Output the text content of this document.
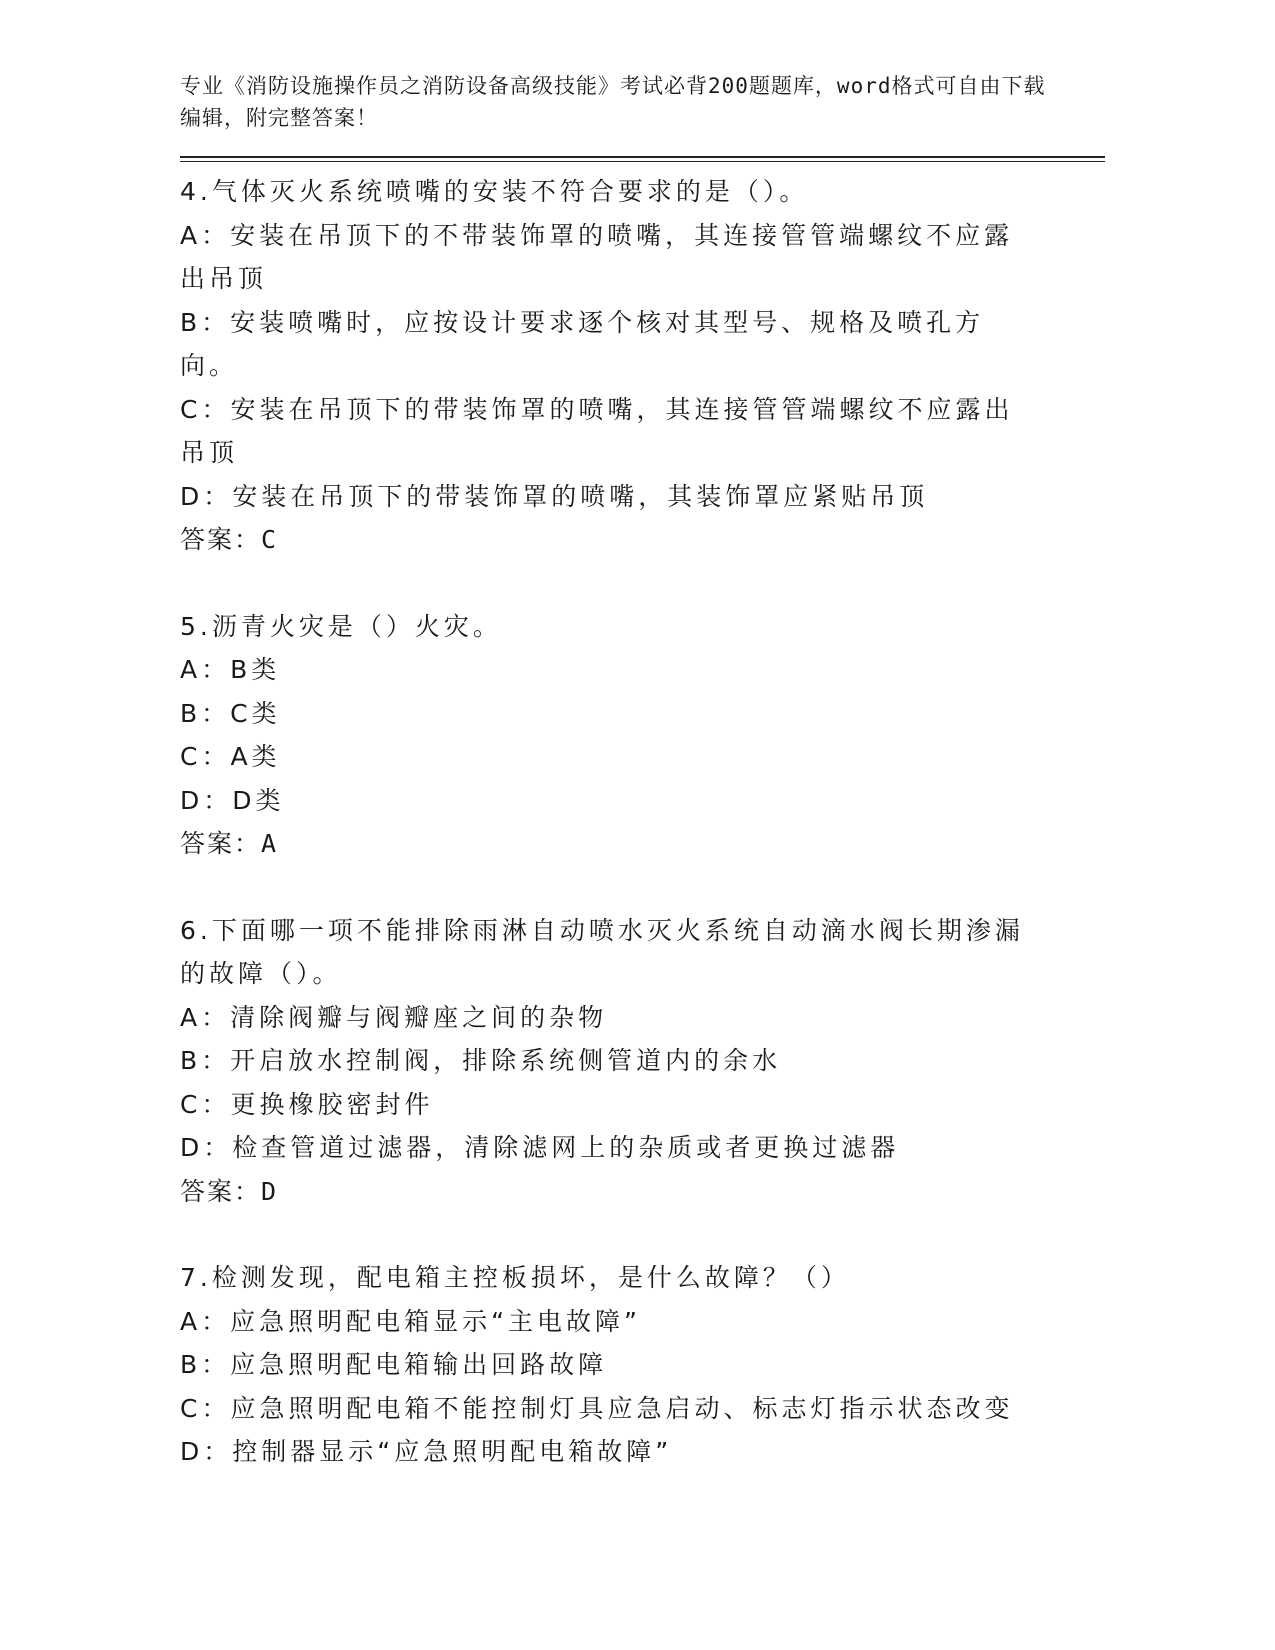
专业《消防设施操作员之消防设备高级技能》考试必背200题题库，word格式可自由下载编辑，附完整答案！
4.气体灭火系统喷嘴的安装不符合要求的是（）。
A：安装在吊顶下的不带装饰罩的喷嘴，其连接管管端螺纹不应露出吊顶
B：安装喷嘴时，应按设计要求逐个核对其型号、规格及喷孔方向。
C：安装在吊顶下的带装饰罩的喷嘴，其连接管管端螺纹不应露出吊顶
D：安装在吊顶下的带装饰罩的喷嘴，其装饰罩应紧贴吊顶
答案：C
5.沥青火灾是（）火灾。
A：B类
B：C类
C：A类
D：D类
答案：A
6.下面哪一项不能排除雨淋自动喷水灭火系统自动滴水阀长期渗漏的故障（）。
A：清除阀瓣与阀瓣座之间的杂物
B：开启放水控制阀，排除系统侧管道内的余水
C：更换橡胶密封件
D：检查管道过滤器，清除滤网上的杂质或者更换过滤器
答案：D
7.检测发现，配电箱主控板损坏，是什么故障？（）
A：应急照明配电箱显示“主电故障”
B：应急照明配电箱输出回路故障
C：应急照明配电箱不能控制灯具应急启动、标志灯指示状态改变
D：控制器显示“应急照明配电箱故障”
